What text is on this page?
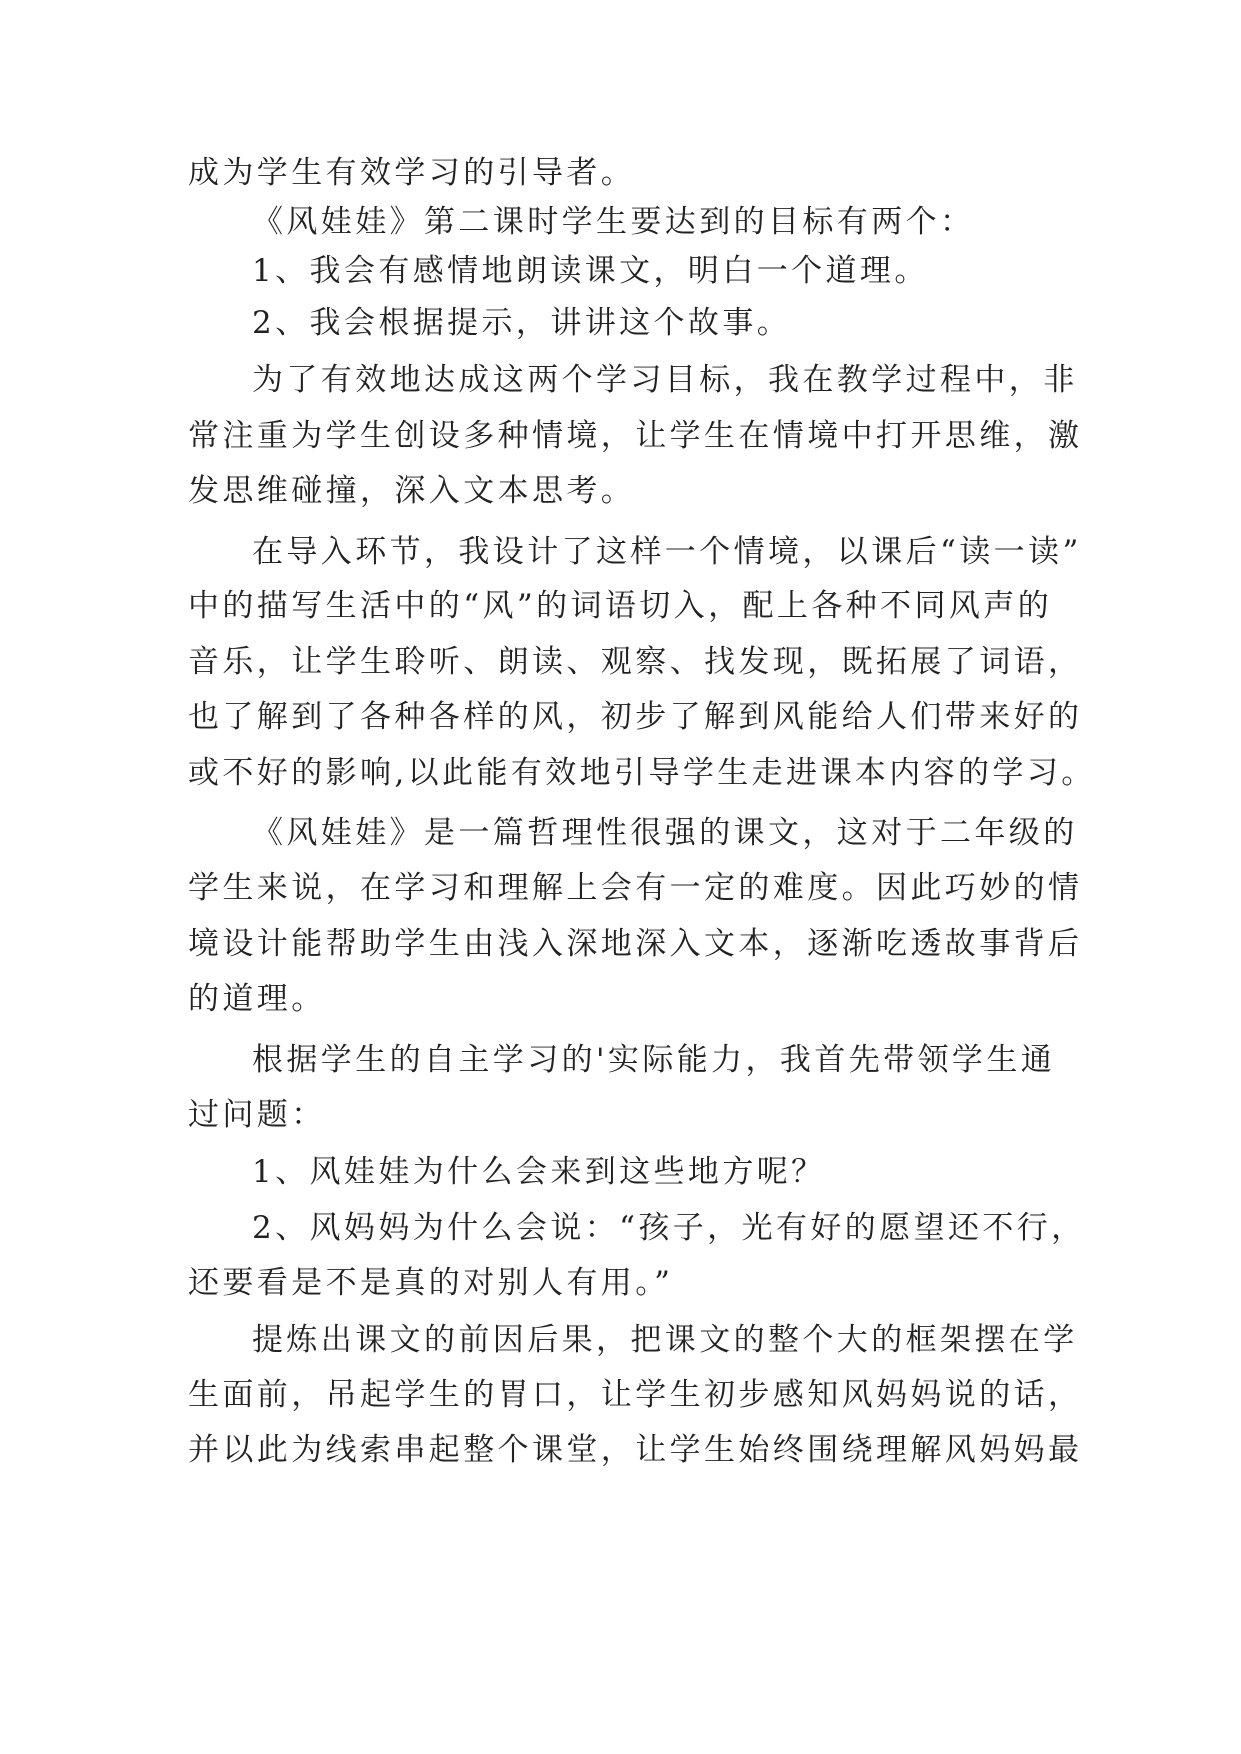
成为学生有效学习的引导者。
《风娃娃》第二课时学生要达到的目标有两个：
1、我会有感情地朗读课文，明白一个道理。
2、我会根据提示，讲讲这个故事。
为了有效地达成这两个学习目标，我在教学过程中，非
常注重为学生创设多种情境，让学生在情境中打开思维，激
发思维碰撞，深入文本思考。
在导入环节，我设计了这样一个情境，以课后“读一读”
中的描写生活中的“风”的词语切入，配上各种不同风声的
音乐，让学生聆听、朗读、观察、找发现，既拓展了词语，
也了解到了各种各样的风，初步了解到风能给人们带来好的
或不好的影响,以此能有效地引导学生走进课本内容的学习。
《风娃娃》是一篇哲理性很强的课文，这对于二年级的
学生来说，在学习和理解上会有一定的难度。因此巧妙的情
境设计能帮助学生由浅入深地深入文本，逐渐吃透故事背后
的道理。
根据学生的自主学习的'实际能力，我首先带领学生通
过问题：
1、风娃娃为什么会来到这些地方呢？
2、风妈妈为什么会说：“孩子，光有好的愿望还不行，
还要看是不是真的对别人有用。”
提炼出课文的前因后果，把课文的整个大的框架摆在学
生面前，吊起学生的胃口，让学生初步感知风妈妈说的话，
并以此为线索串起整个课堂，让学生始终围绕理解风妈妈最
